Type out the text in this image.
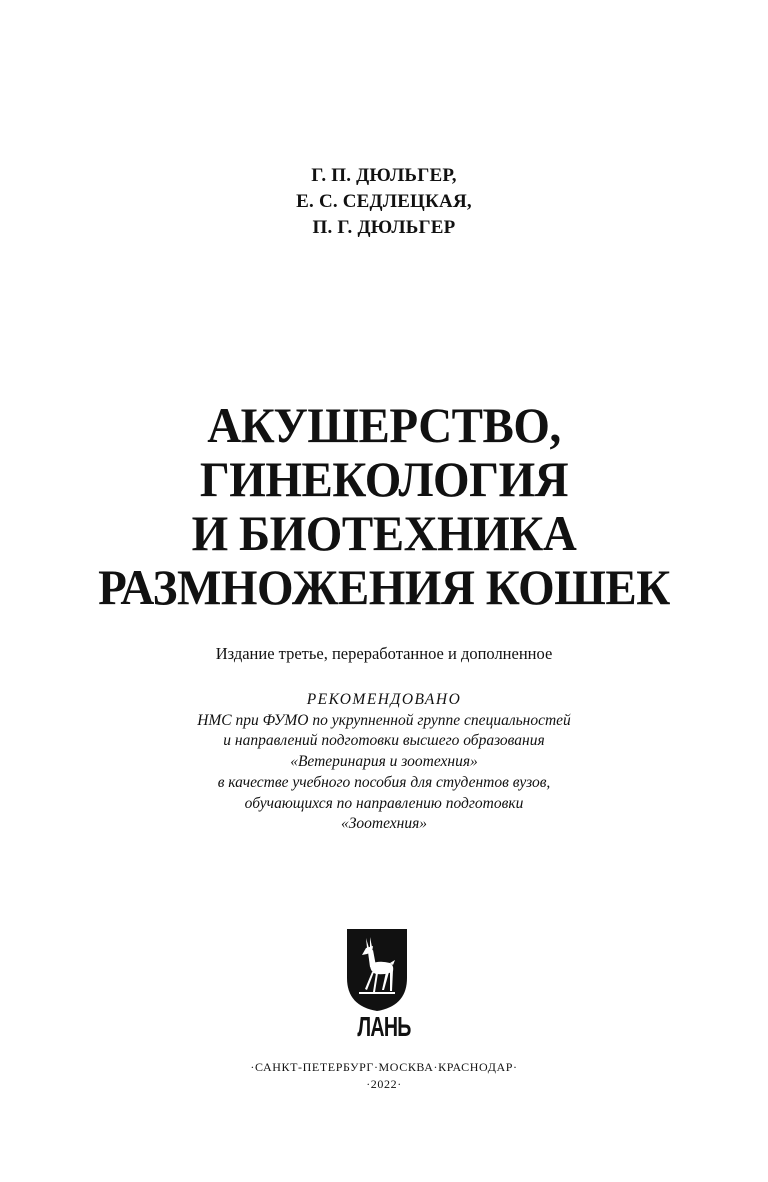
Г. П. ДЮЛЬГЕР,
Е. С. СЕДЛЕЦКАЯ,
П. Г. ДЮЛЬГЕР
АКУШЕРСТВО,
ГИНЕКОЛОГИЯ
И БИОТЕХНИКА
РАЗМНОЖЕНИЯ КОШЕК
Издание третье, переработанное и дополненное
РЕКОМЕНДОВАНО
НМС при ФУМО по укрупненной группе специальностей
и направлений подготовки высшего образования
«Ветеринария и зоотехния»
в качестве учебного пособия для студентов вузов,
обучающихся по направлению подготовки
«Зоотехния»
ЛАНЬ
·САНКТ-ПЕТЕРБУРГ·МОСКВА·КРАСНОДАР·
·2022·
